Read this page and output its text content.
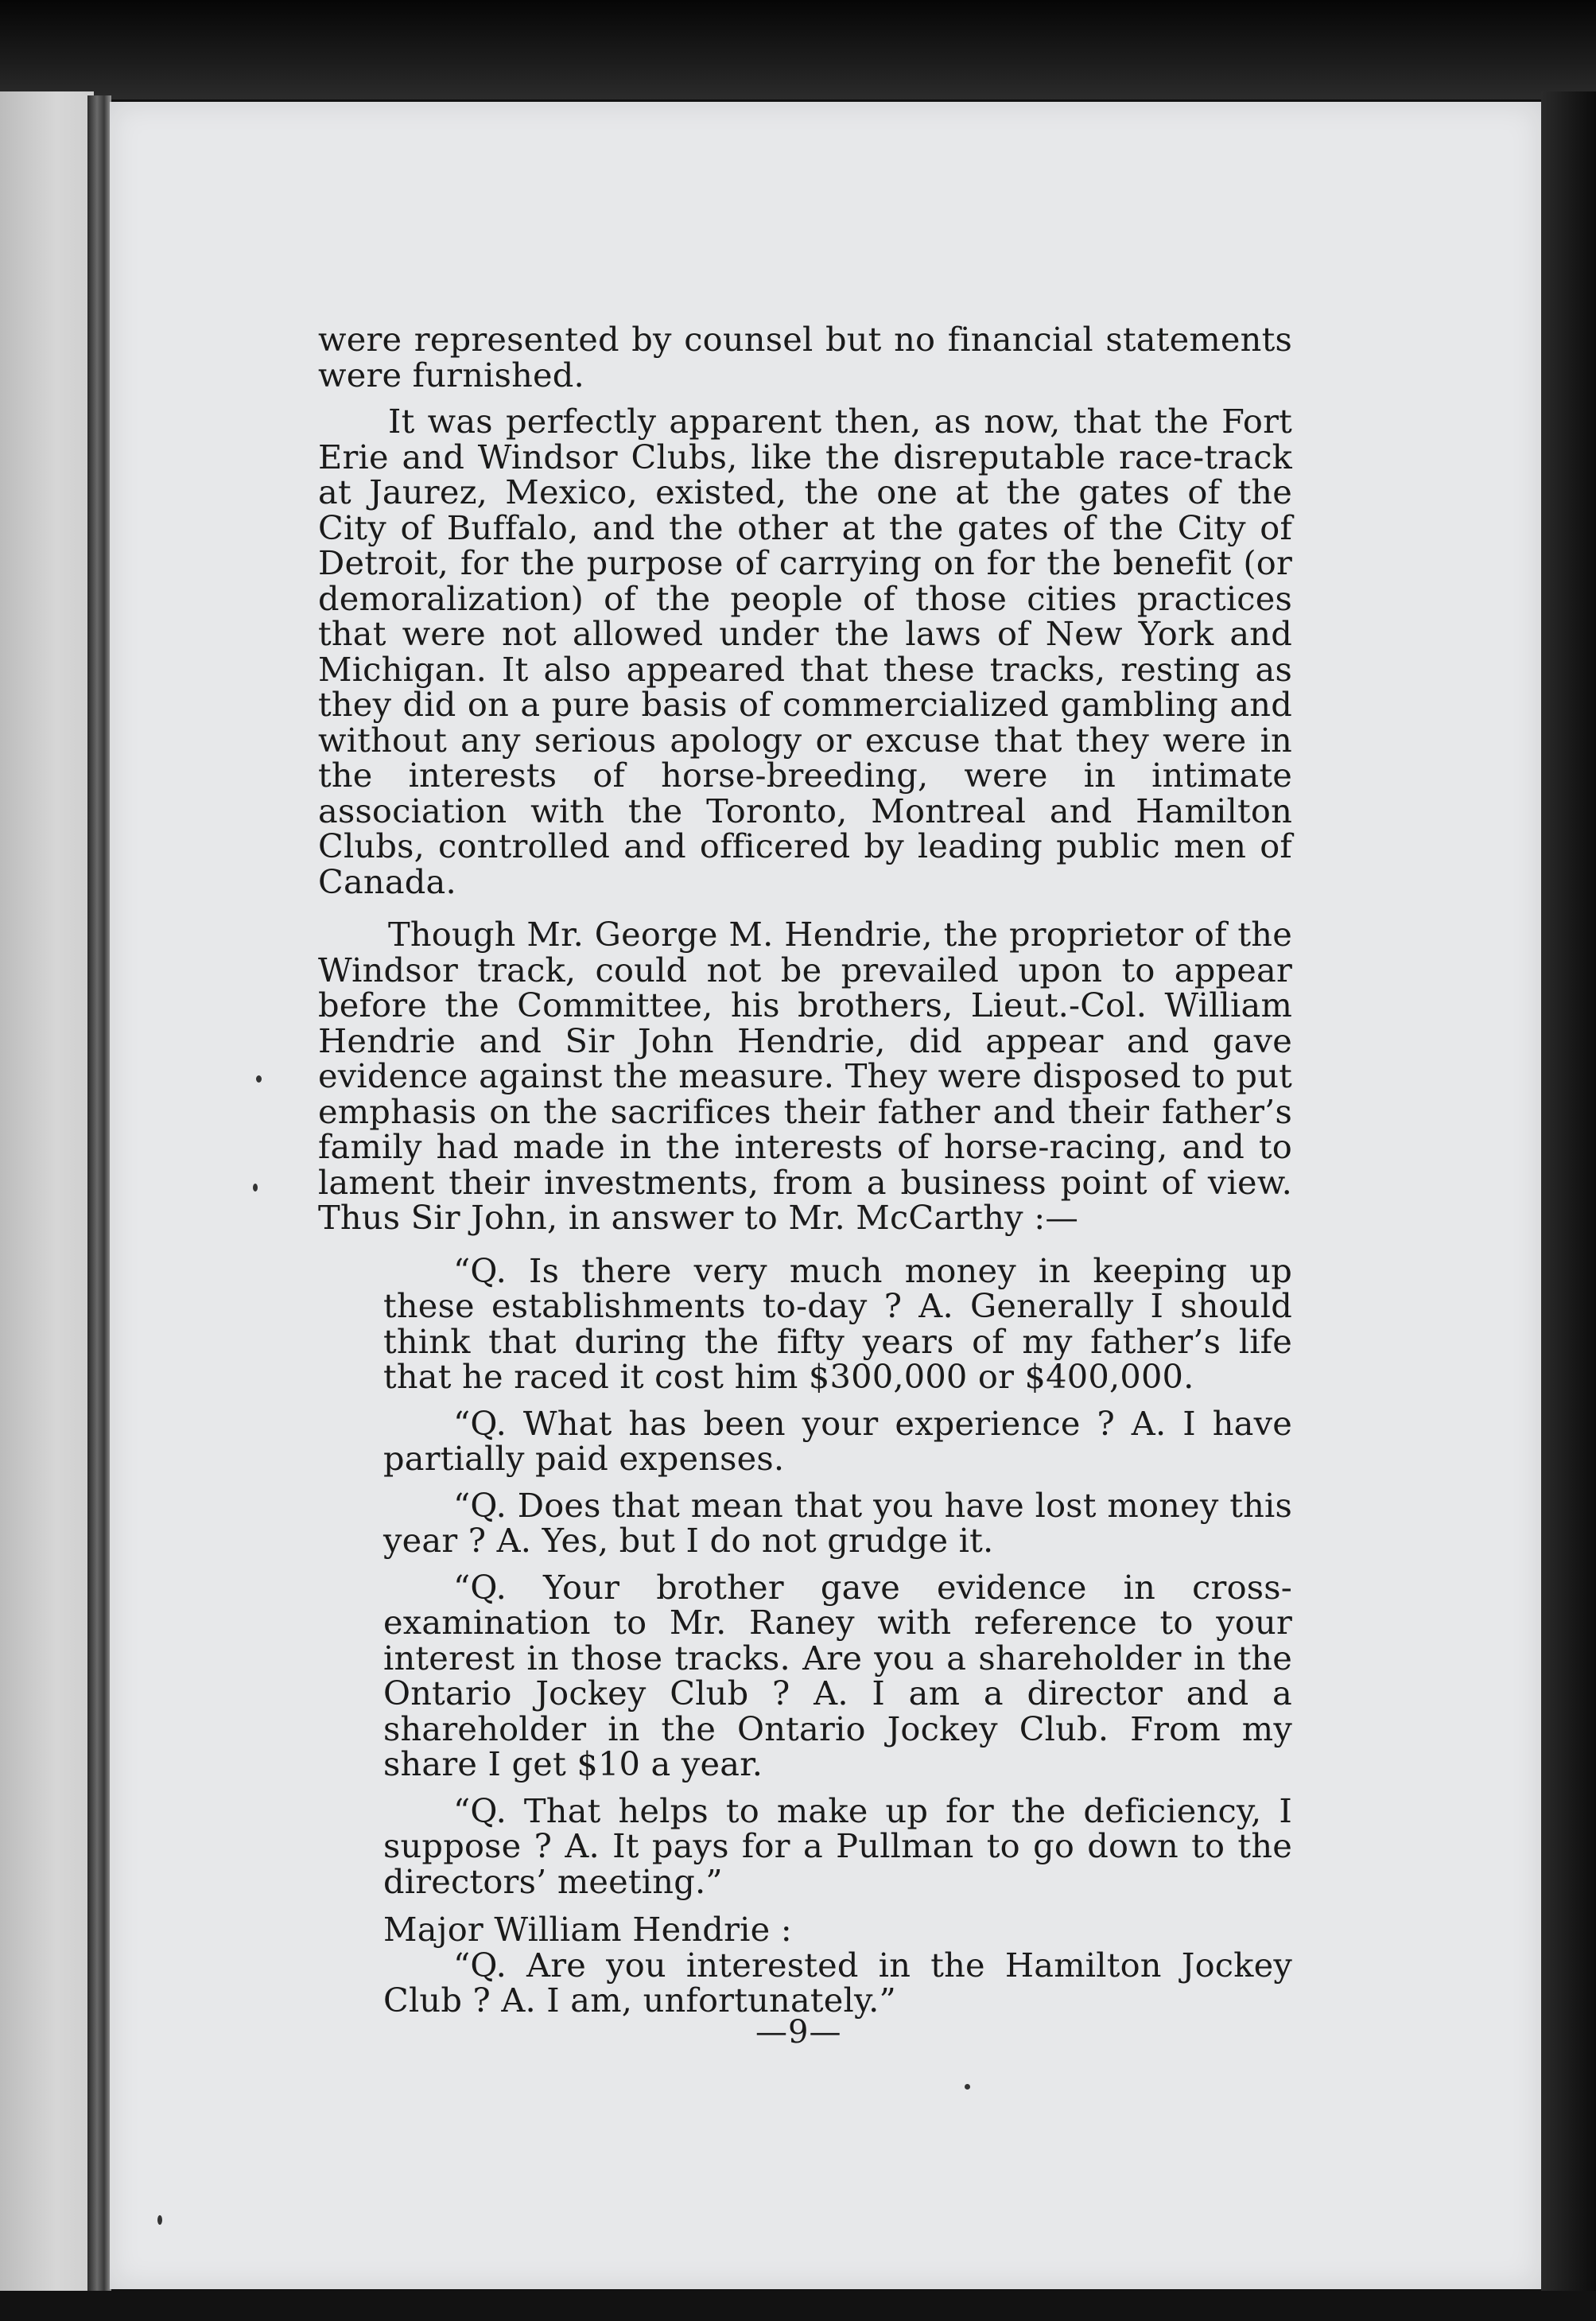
were represented by counsel but no financial statements were furnished.

It was perfectly apparent then, as now, that the Fort Erie and Windsor Clubs, like the disreputable race-track at Jaurez, Mexico, existed, the one at the gates of the City of Buffalo, and the other at the gates of the City of Detroit, for the purpose of carrying on for the benefit (or demoralization) of the people of those cities practices that were not allowed under the laws of New York and Michigan. It also appeared that these tracks, resting as they did on a pure basis of commercialized gambling and without any serious apology or excuse that they were in the interests of horse-breeding, were in intimate association with the Toronto, Montreal and Hamilton Clubs, controlled and officered by leading public men of Canada.

Though Mr. George M. Hendrie, the proprietor of the Windsor track, could not be prevailed upon to appear before the Committee, his brothers, Lieut.-Col. William Hendrie and Sir John Hendrie, did appear and gave evidence against the measure. They were disposed to put emphasis on the sacrifices their father and their father’s family had made in the interests of horse-racing, and to lament their investments, from a business point of view. Thus Sir John, in answer to Mr. McCarthy :—

“Q. Is there very much money in keeping up these establishments to-day ? A. Generally I should think that during the fifty years of my father’s life that he raced it cost him $300,000 or $400,000.

“Q. What has been your experience ? A. I have partially paid expenses.

“Q. Does that mean that you have lost money this year ? A. Yes, but I do not grudge it.

“Q. Your brother gave evidence in cross-examination to Mr. Raney with reference to your interest in those tracks. Are you a shareholder in the Ontario Jockey Club ? A. I am a director and a shareholder in the Ontario Jockey Club. From my share I get $10 a year.

“Q. That helps to make up for the deficiency, I suppose ? A. It pays for a Pullman to go down to the directors’ meeting.”

Major William Hendrie :

“Q. Are you interested in the Hamilton Jockey Club ? A. I am, unfortunately.”

—9—
